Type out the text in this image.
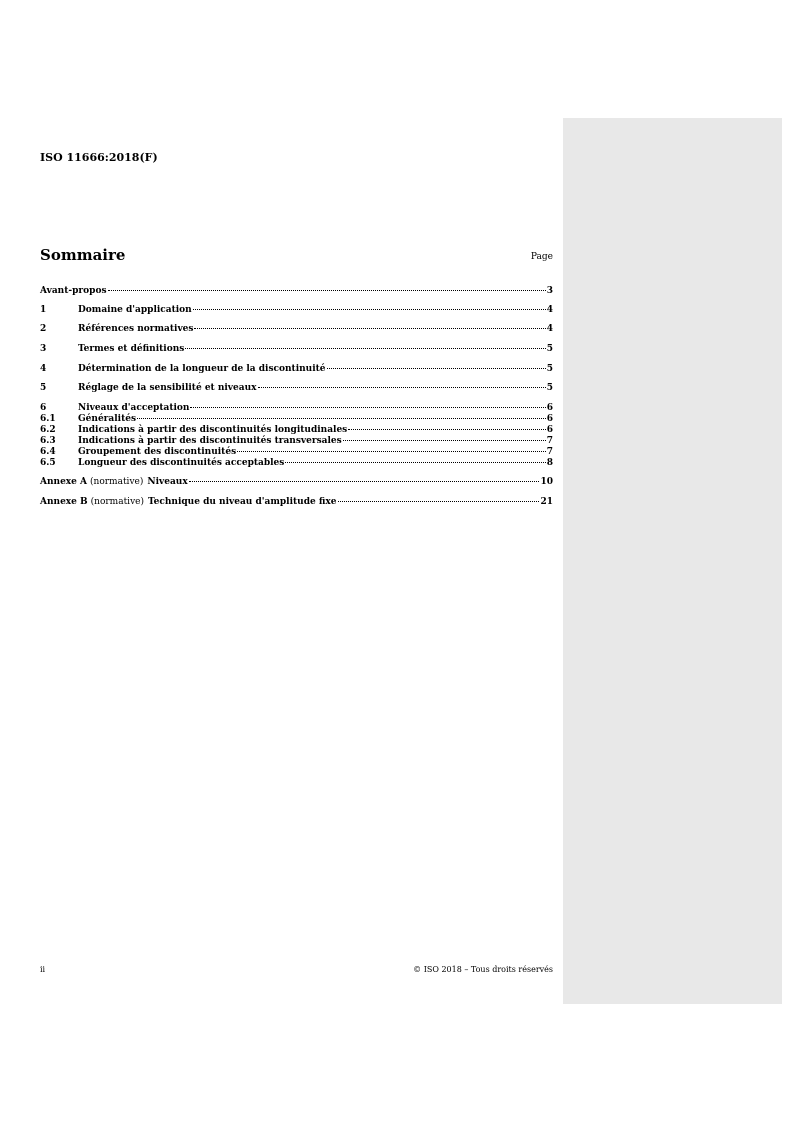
ISO 11666:2018(F)
Sommaire	Page
Avant-propos	3
1	Domaine d'application	4
2	Références normatives	4
3	Termes et définitions	5
4	Détermination de la longueur de la discontinuité	5
5	Réglage de la sensibilité et niveaux	5
6	Niveaux d'acceptation	6
6.1	Généralités	6
6.2	Indications à partir des discontinuités longitudinales	6
6.3	Indications à partir des discontinuités transversales	7
6.4	Groupement des discontinuités	7
6.5	Longueur des discontinuités acceptables	8
Annexe A (normative) Niveaux	10
Annexe B (normative) Technique du niveau d'amplitude fixe	21
ii	© ISO 2018 – Tous droits réservés
